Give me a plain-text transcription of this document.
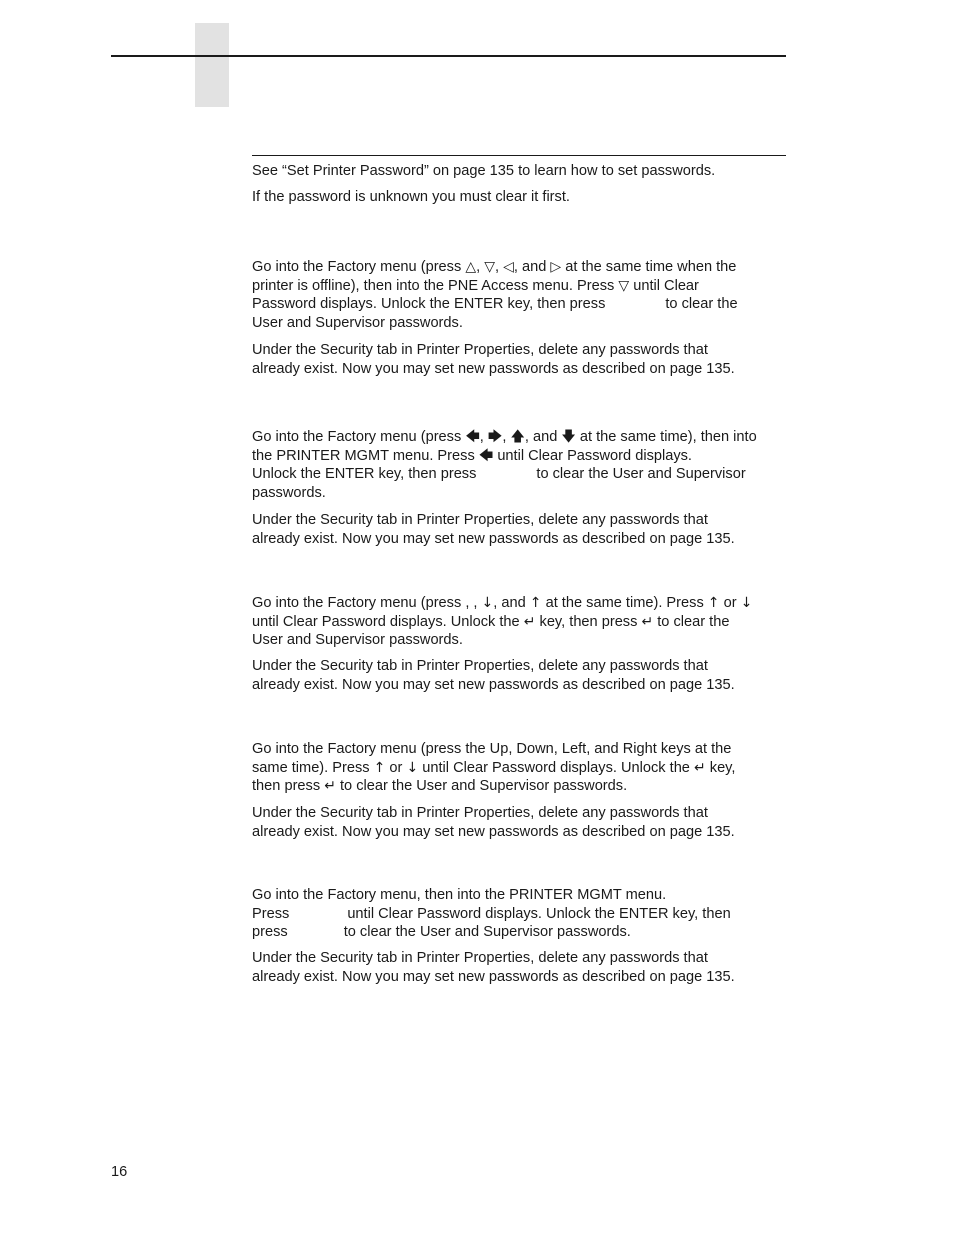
See “Set Printer Password” on page 135 to learn how to set passwords.

If the password is unknown you must clear it first.

Go into the Factory menu (press △, ▽, ◁, and ▷ at the same time when the
printer is offline), then into the PNE Access menu. Press ▽ until Clear
Password displays. Unlock the ENTER key, then press	to clear the
User and Supervisor passwords.
Under the Security tab in Printer Properties, delete any passwords that
already exist. Now you may set new passwords as described on page 135.
Go into the Factory menu (press 🡄, 🡆, 🡅, and 🡇 at the same time), then into
the PRINTER MGMT menu. Press 🡄 until Clear Password displays.
Unlock the ENTER key, then press	to clear the User and Supervisor
passwords.
Under the Security tab in Printer Properties, delete any passwords that
already exist. Now you may set new passwords as described on page 135.
Go into the Factory menu (press , , ↓, and ↑ at the same time). Press ↑ or ↓
until Clear Password displays. Unlock the ↵ key, then press ↵ to clear the
User and Supervisor passwords.
Under the Security tab in Printer Properties, delete any passwords that
already exist. Now you may set new passwords as described on page 135.
Go into the Factory menu (press the Up, Down, Left, and Right keys at the
same time). Press ↑ or ↓ until Clear Password displays. Unlock the ↵ key,
then press ↵ to clear the User and Supervisor passwords.
Under the Security tab in Printer Properties, delete any passwords that
already exist. Now you may set new passwords as described on page 135.
Go into the Factory menu, then into the PRINTER MGMT menu.
Press	until Clear Password displays. Unlock the ENTER key, then
press	to clear the User and Supervisor passwords.
Under the Security tab in Printer Properties, delete any passwords that
already exist. Now you may set new passwords as described on page 135.
16
